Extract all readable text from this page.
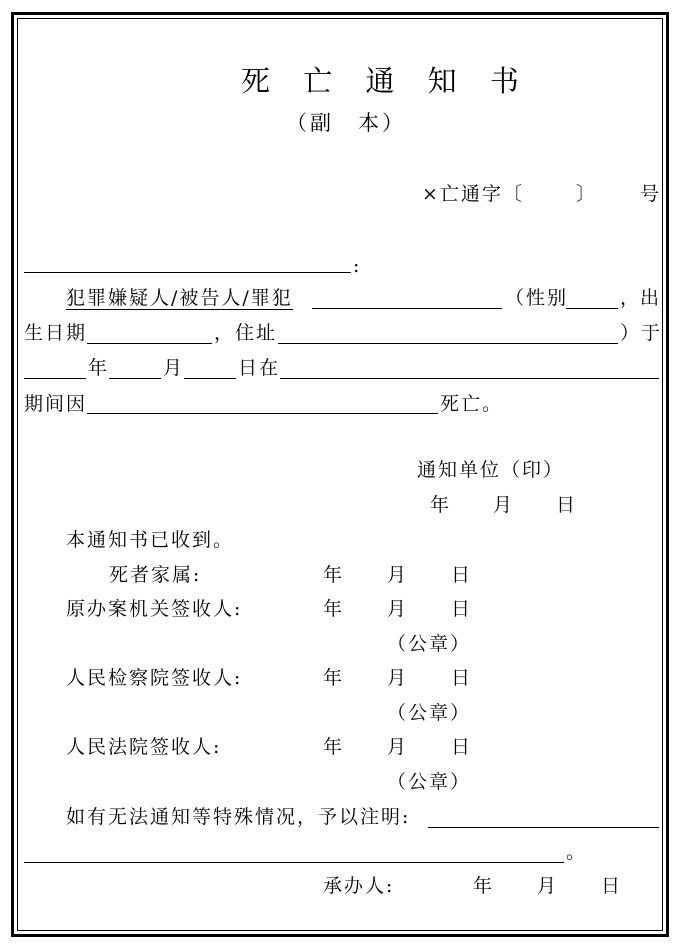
死 亡 通 知 书
（副　本）
×亡通字〔	〕 号
:
犯罪嫌疑人/被告人/罪犯	（性别	，
出
生日期	，住址	）于
年	月	日在
期间因	死亡。
通知单位（印）
年　　月　　日
本通知书已收到。
死者家属:	年 月 日
原办案机关签收人:	年 月 日
（公章）
人民检察院签收人:	年 月 日
（公章）
人民法院签收人:	年 月 日
（公章）
如有无法通知等特殊情况，予以注明:
。
承办人:	年 月 日
